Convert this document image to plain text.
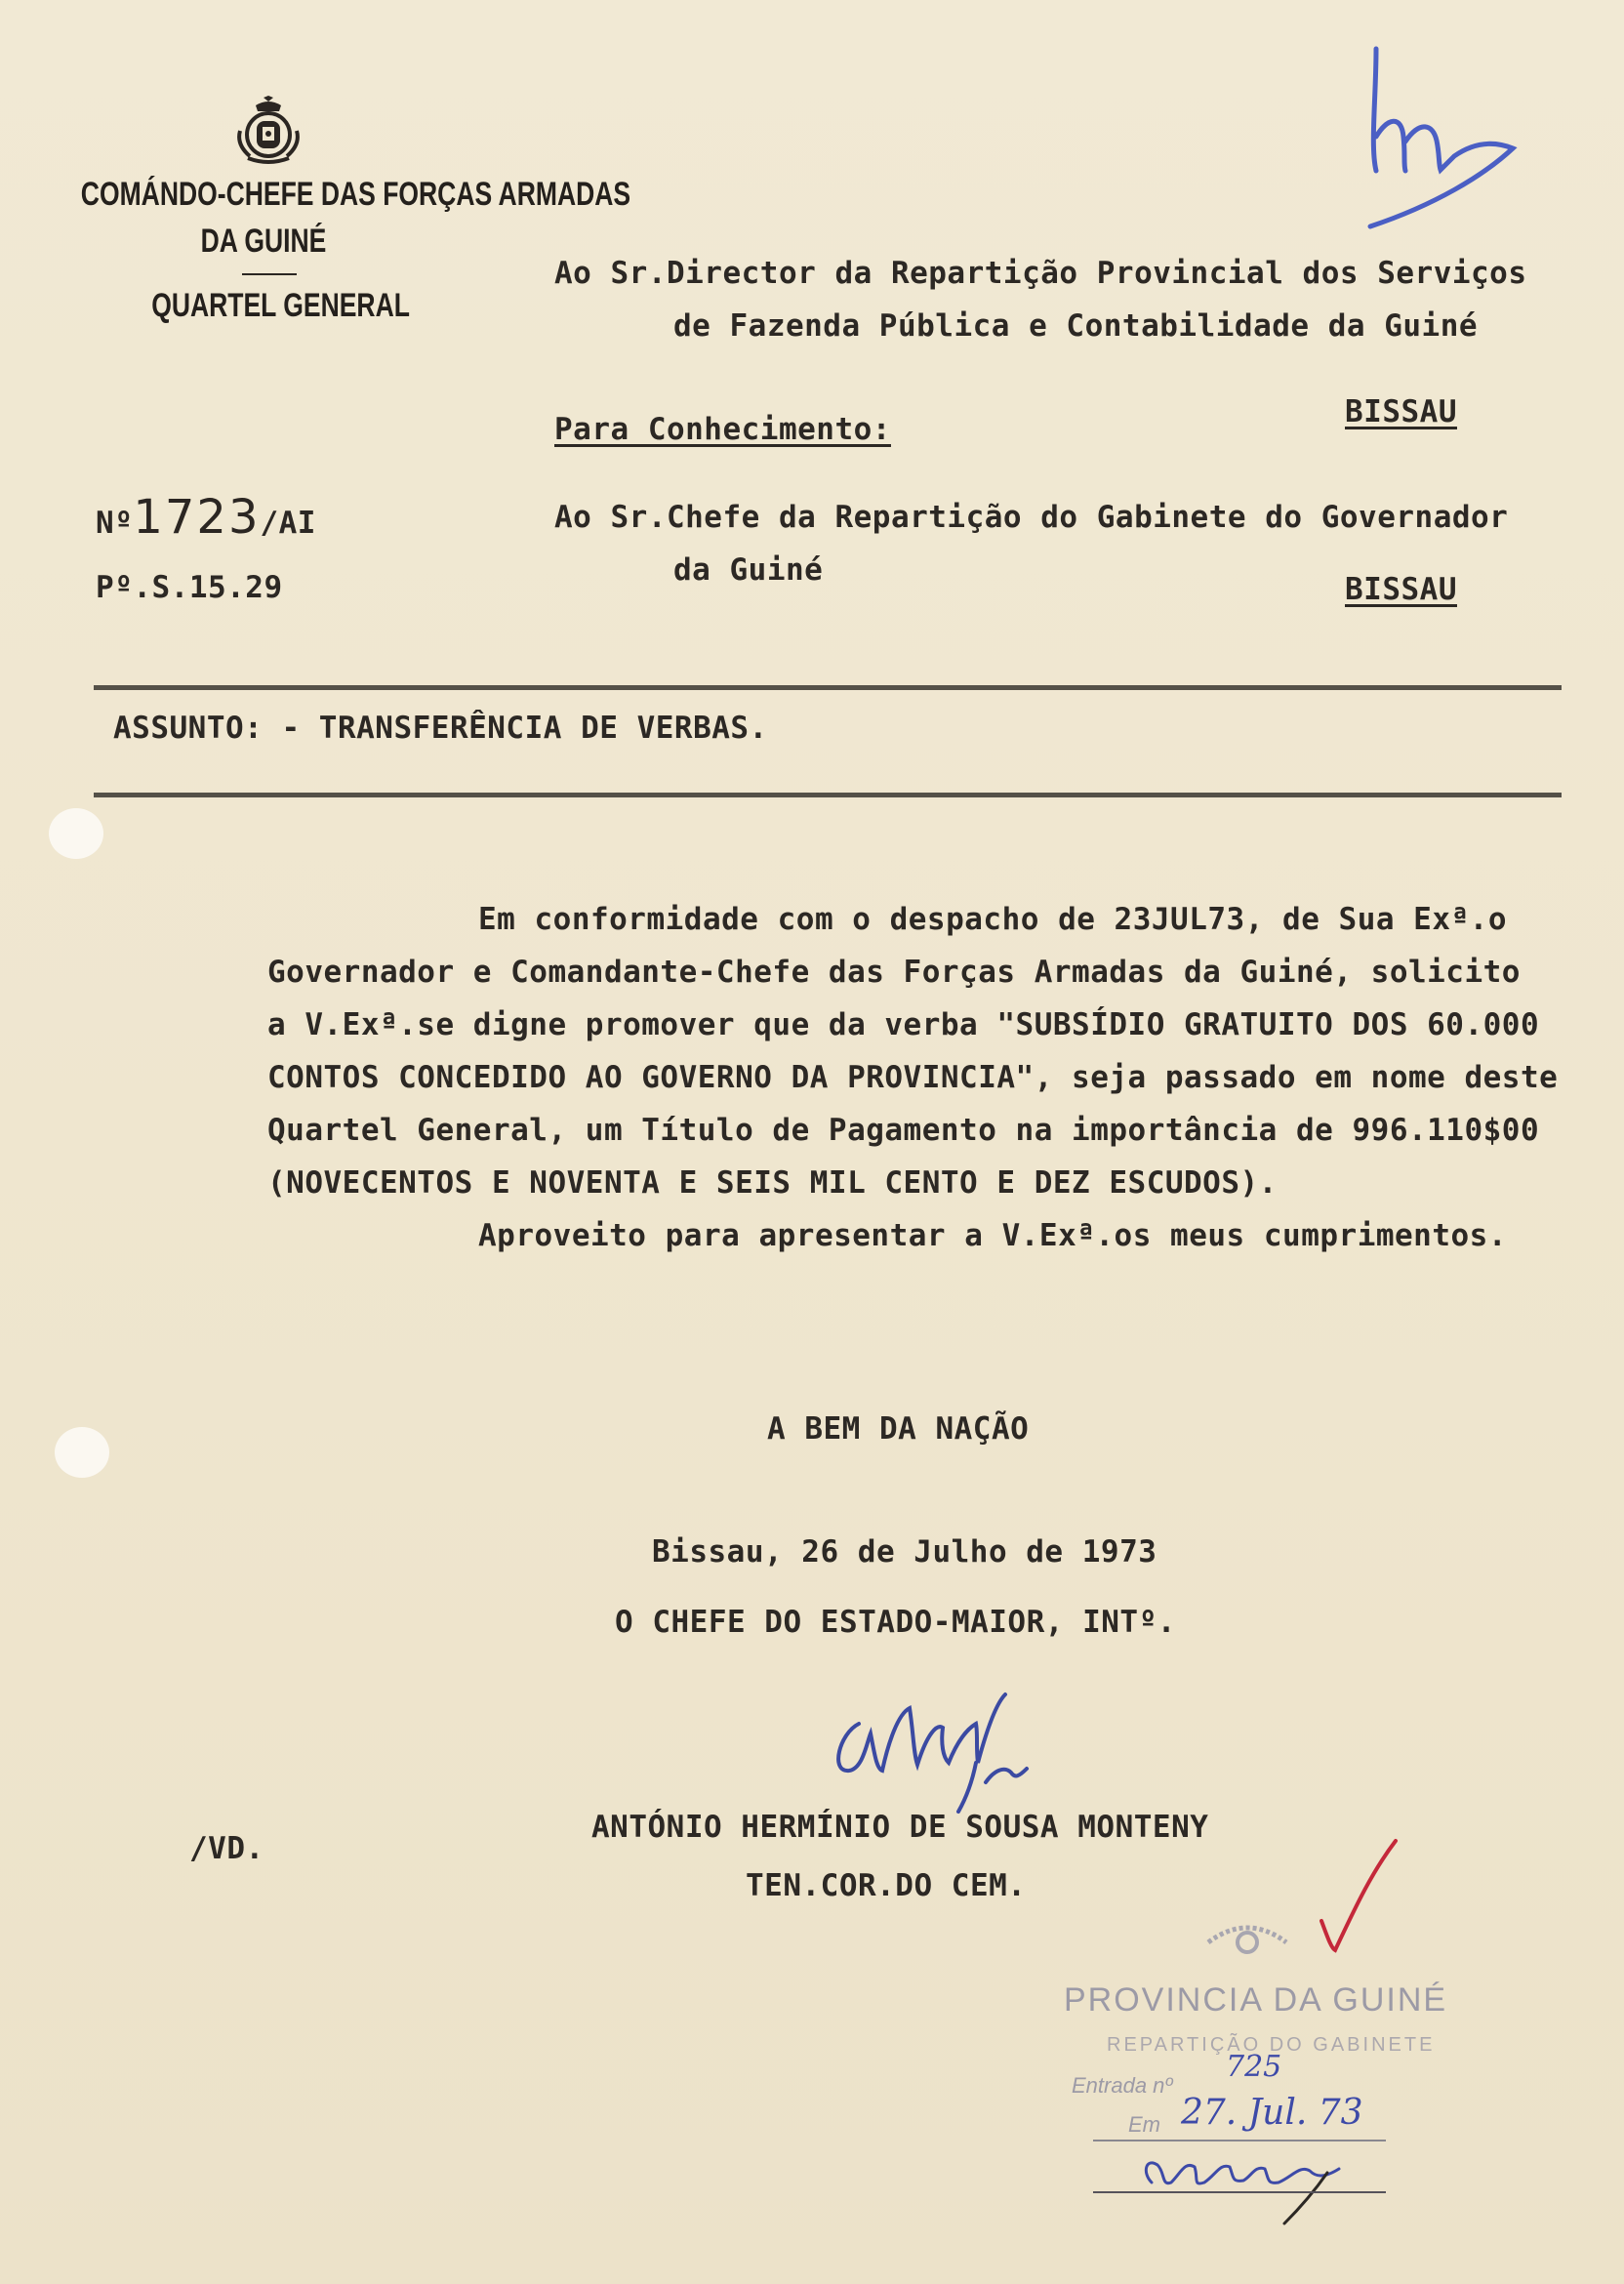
COMÁNDO-CHEFE DAS FORÇAS ARMADAS
DA GUINÉ
QUARTEL GENERAL
Ao Sr.Director da Repartição Provincial dos Serviços
de Fazenda Pública e Contabilidade da Guiné
BISSAU
Para Conhecimento:
Nº1723/AI
Pº.S.15.29
Ao Sr.Chefe da Repartição do Gabinete do Governador
da Guiné
BISSAU
ASSUNTO: - TRANSFERÊNCIA DE VERBAS.
Em conformidade com o despacho de 23JUL73, de Sua Exª.o
Governador e Comandante-Chefe das Forças Armadas da Guiné, solicito
a V.Exª.se digne promover que da verba "SUBSÍDIO GRATUITO DOS 60.000
CONTOS CONCEDIDO AO GOVERNO DA PROVINCIA", seja passado em nome deste
Quartel General, um Título de Pagamento na importância de 996.110$00
(NOVECENTOS E NOVENTA E SEIS MIL CENTO E DEZ ESCUDOS).
Aproveito para apresentar a V.Exª.os meus cumprimentos.
A BEM DA NAÇÃO
Bissau, 26 de Julho de 1973
O CHEFE DO ESTADO-MAIOR, INTº.
ANTÓNIO HERMÍNIO DE SOUSA MONTENY
TEN.COR.DO CEM.
/VD.
PROVINCIA DA GUINÉ
REPARTIÇÃO DO GABINETE
Entrada nº
725
Em 27. Jul. 73
